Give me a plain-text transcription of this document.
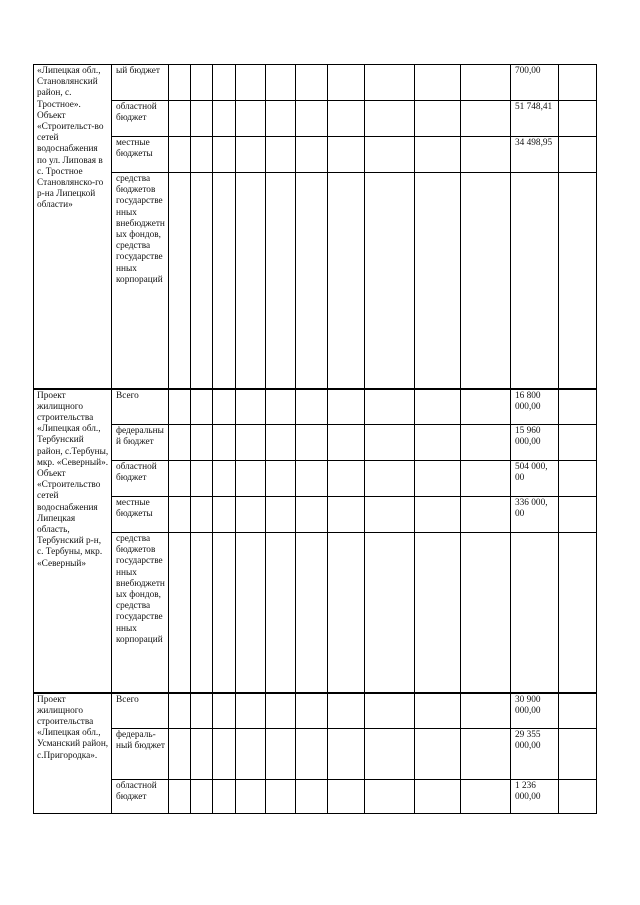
«Липецкая обл., Становлянский район, с. Тростное». Объект «Строительст-во сетей водоснабжения по ул. Липовая в с. Тростное Становлянско-го р-на Липецкой области»	ый бюджет											700,00	
	областной бюджет											51 748,41	
	местные бюджеты											34 498,95	
	средства бюджетов государственных внебюджетных фондов, средства государственных корпораций												
Проект жилищного строительства «Липецкая обл., Тербунский район, с.Тербуны, мкр. «Северный». Объект «Строительство сетей водоснабжения Липецкая область, Тербунский р-н, с. Тербуны, мкр. «Северный»	Всего											16 800 000,00	
	федеральный бюджет											15 960 000,00	
	областной бюджет											504 000, 00	
	местные бюджеты											336 000, 00	
	средства бюджетов государственных внебюджетных фондов, средства государственных корпораций												
Проект жилищного строительства «Липецкая обл., Усманский район, с.Пригородка».	Всего											30 900 000,00	
	федераль-ный бюджет											29 355 000,00	
	областной бюджет											1 236 000,00	
